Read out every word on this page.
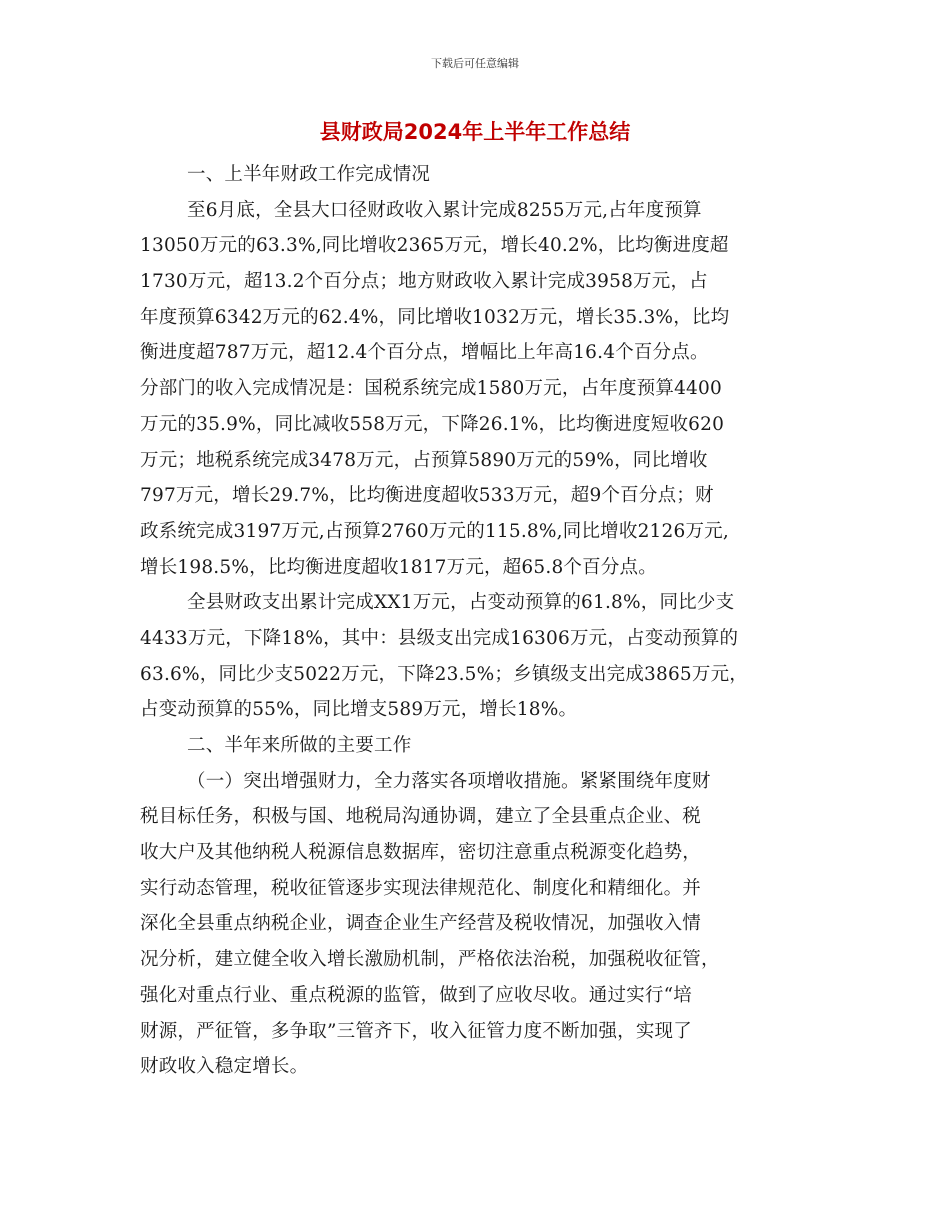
下载后可任意编辑
县财政局2024年上半年工作总结
一、上半年财政工作完成情况
至6月底，全县大口径财政收入累计完成8255万元,占年度预算
13050万元的63.3%,同比增收2365万元，增长40.2%，比均衡进度超
1730万元，超13.2个百分点；地方财政收入累计完成3958万元，占
年度预算6342万元的62.4%，同比增收1032万元，增长35.3%，比均
衡进度超787万元，超12.4个百分点，增幅比上年高16.4个百分点。
分部门的收入完成情况是：国税系统完成1580万元，占年度预算4400
万元的35.9%，同比减收558万元，下降26.1%，比均衡进度短收620
万元；地税系统完成3478万元，占预算5890万元的59%，同比增收
797万元，增长29.7%，比均衡进度超收533万元，超9个百分点；财
政系统完成3197万元,占预算2760万元的115.8%,同比增收2126万元,
增长198.5%，比均衡进度超收1817万元，超65.8个百分点。
全县财政支出累计完成XX1万元，占变动预算的61.8%，同比少支
4433万元，下降18%，其中：县级支出完成16306万元，占变动预算的
63.6%，同比少支5022万元，下降23.5%；乡镇级支出完成3865万元，
占变动预算的55%，同比增支589万元，增长18%。
二、半年来所做的主要工作
（一）突出增强财力，全力落实各项增收措施。紧紧围绕年度财
税目标任务，积极与国、地税局沟通协调，建立了全县重点企业、税
收大户及其他纳税人税源信息数据库，密切注意重点税源变化趋势，
实行动态管理，税收征管逐步实现法律规范化、制度化和精细化。并
深化全县重点纳税企业，调查企业生产经营及税收情况，加强收入情
况分析，建立健全收入增长激励机制，严格依法治税，加强税收征管，
强化对重点行业、重点税源的监管，做到了应收尽收。通过实行“培
财源，严征管，多争取”三管齐下，收入征管力度不断加强，实现了
财政收入稳定增长。
